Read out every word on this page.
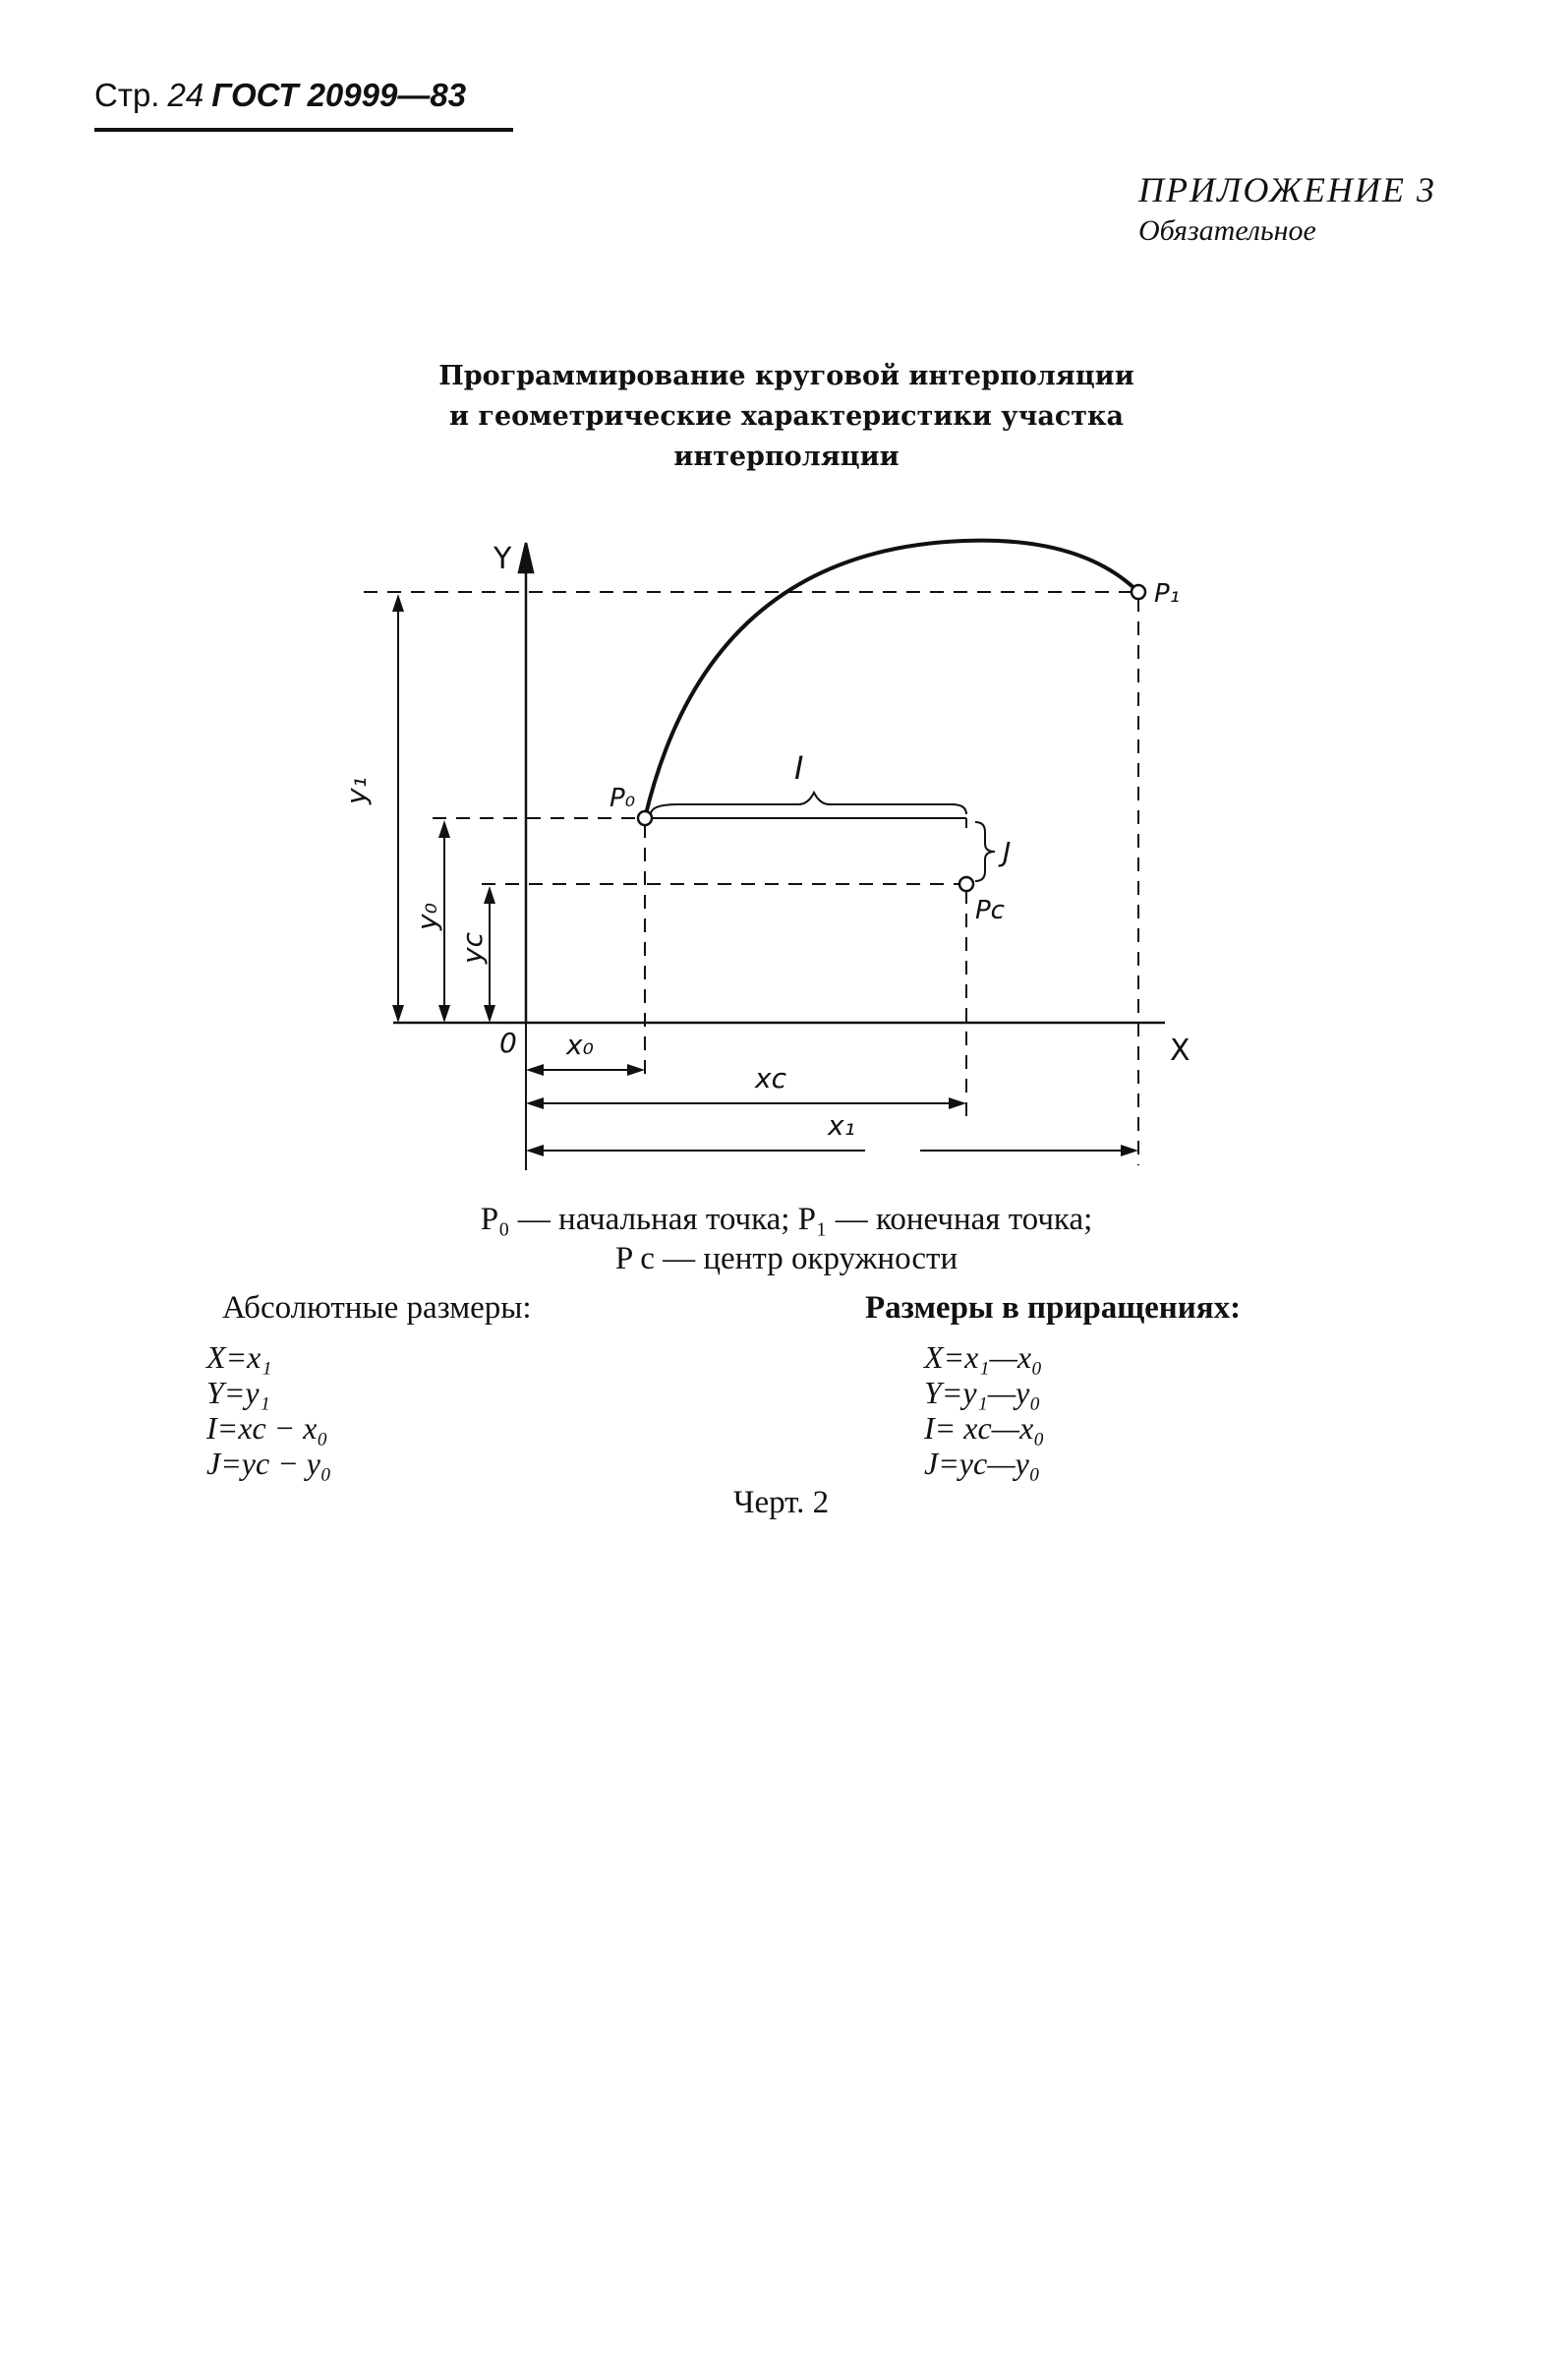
Стр. 24 ГОСТ 20999—83
ПРИЛОЖЕНИЕ 3
Обязательное
Программирование круговой интерполяции
и геометрические характеристики участка
интерполяции
Y
X
0
P₀
P₁
Pc
I
J
y₁
y₀
yc
x₀
xc
x₁
P₀ — начальная точка; P₁ — конечная точка;
P c — центр окружности
Абсолютные размеры:
X=x₁
Y=y₁
I=xc − x₀
J=yc − y₀
Размеры в приращениях:
X=x₁—x₀
Y=y₁—y₀
I= xc—x₀
J=yc—y₀
Черт. 2
